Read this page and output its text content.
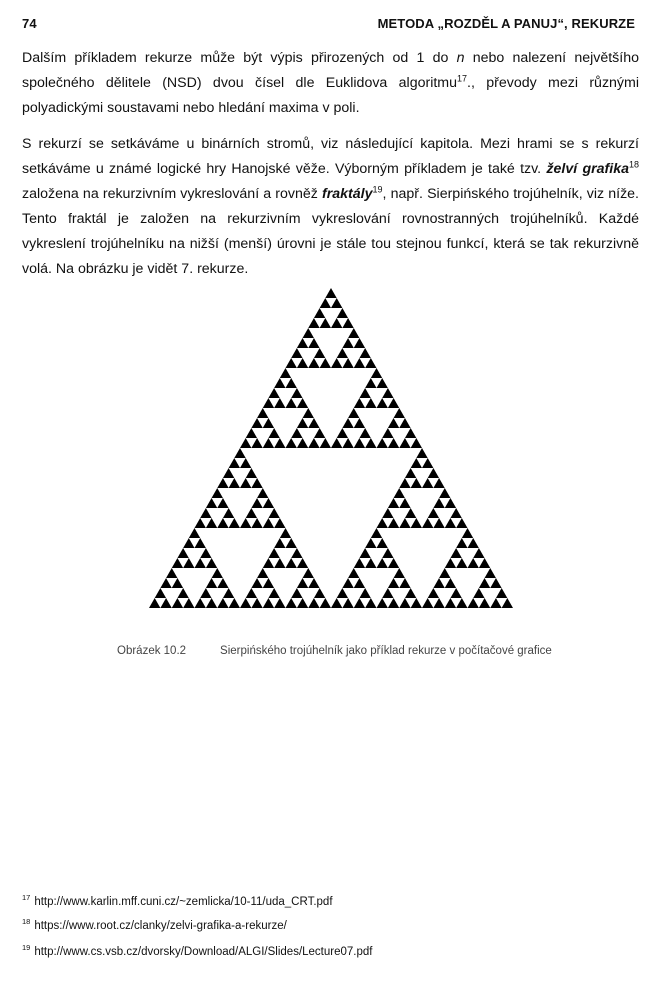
74	METODA „ROZDĚL A PANUJ“, REKURZE

Dalším příkladem rekurze může být výpis přirozených od 1 do n nebo nalezení největšího společného dělitele (NSD) dvou čísel dle Euklidova algoritmu$^{17}$., převody mezi různými polyadickými soustavami nebo hledání maxima v poli.

S rekurzí se setkáváme u binárních stromů, viz následující kapitola. Mezi hrami se s rekurzí setkáváme u známé logické hry Hanojské věže. Výborným příkladem je také tzv. želví grafika$^{18}$ založena na rekurzivním vykreslování a rovněž fraktály$^{19}$, např. Sierpińského trojúhelník, viz níže. Tento fraktál je založen na rekurzivním vykreslování rovnostranných trojúhelníků. Každé vykreslení trojúhelníku na nižší (menší) úrovni je stále tou stejnou funkcí, která se tak rekurzivně volá. Na obrázku je vidět 7. rekurze.

Obrázek 10.2	Sierpińského trojúhelník jako příklad rekurze v počítačové grafice
$^{17}$ http://www.karlin.mff.cuni.cz/~zemlicka/10-11/uda_CRT.pdf
$^{18}$ https://www.root.cz/clanky/zelvi-grafika-a-rekurze/
$^{19}$ http://www.cs.vsb.cz/dvorsky/Download/ALGI/Slides/Lecture07.pdf
